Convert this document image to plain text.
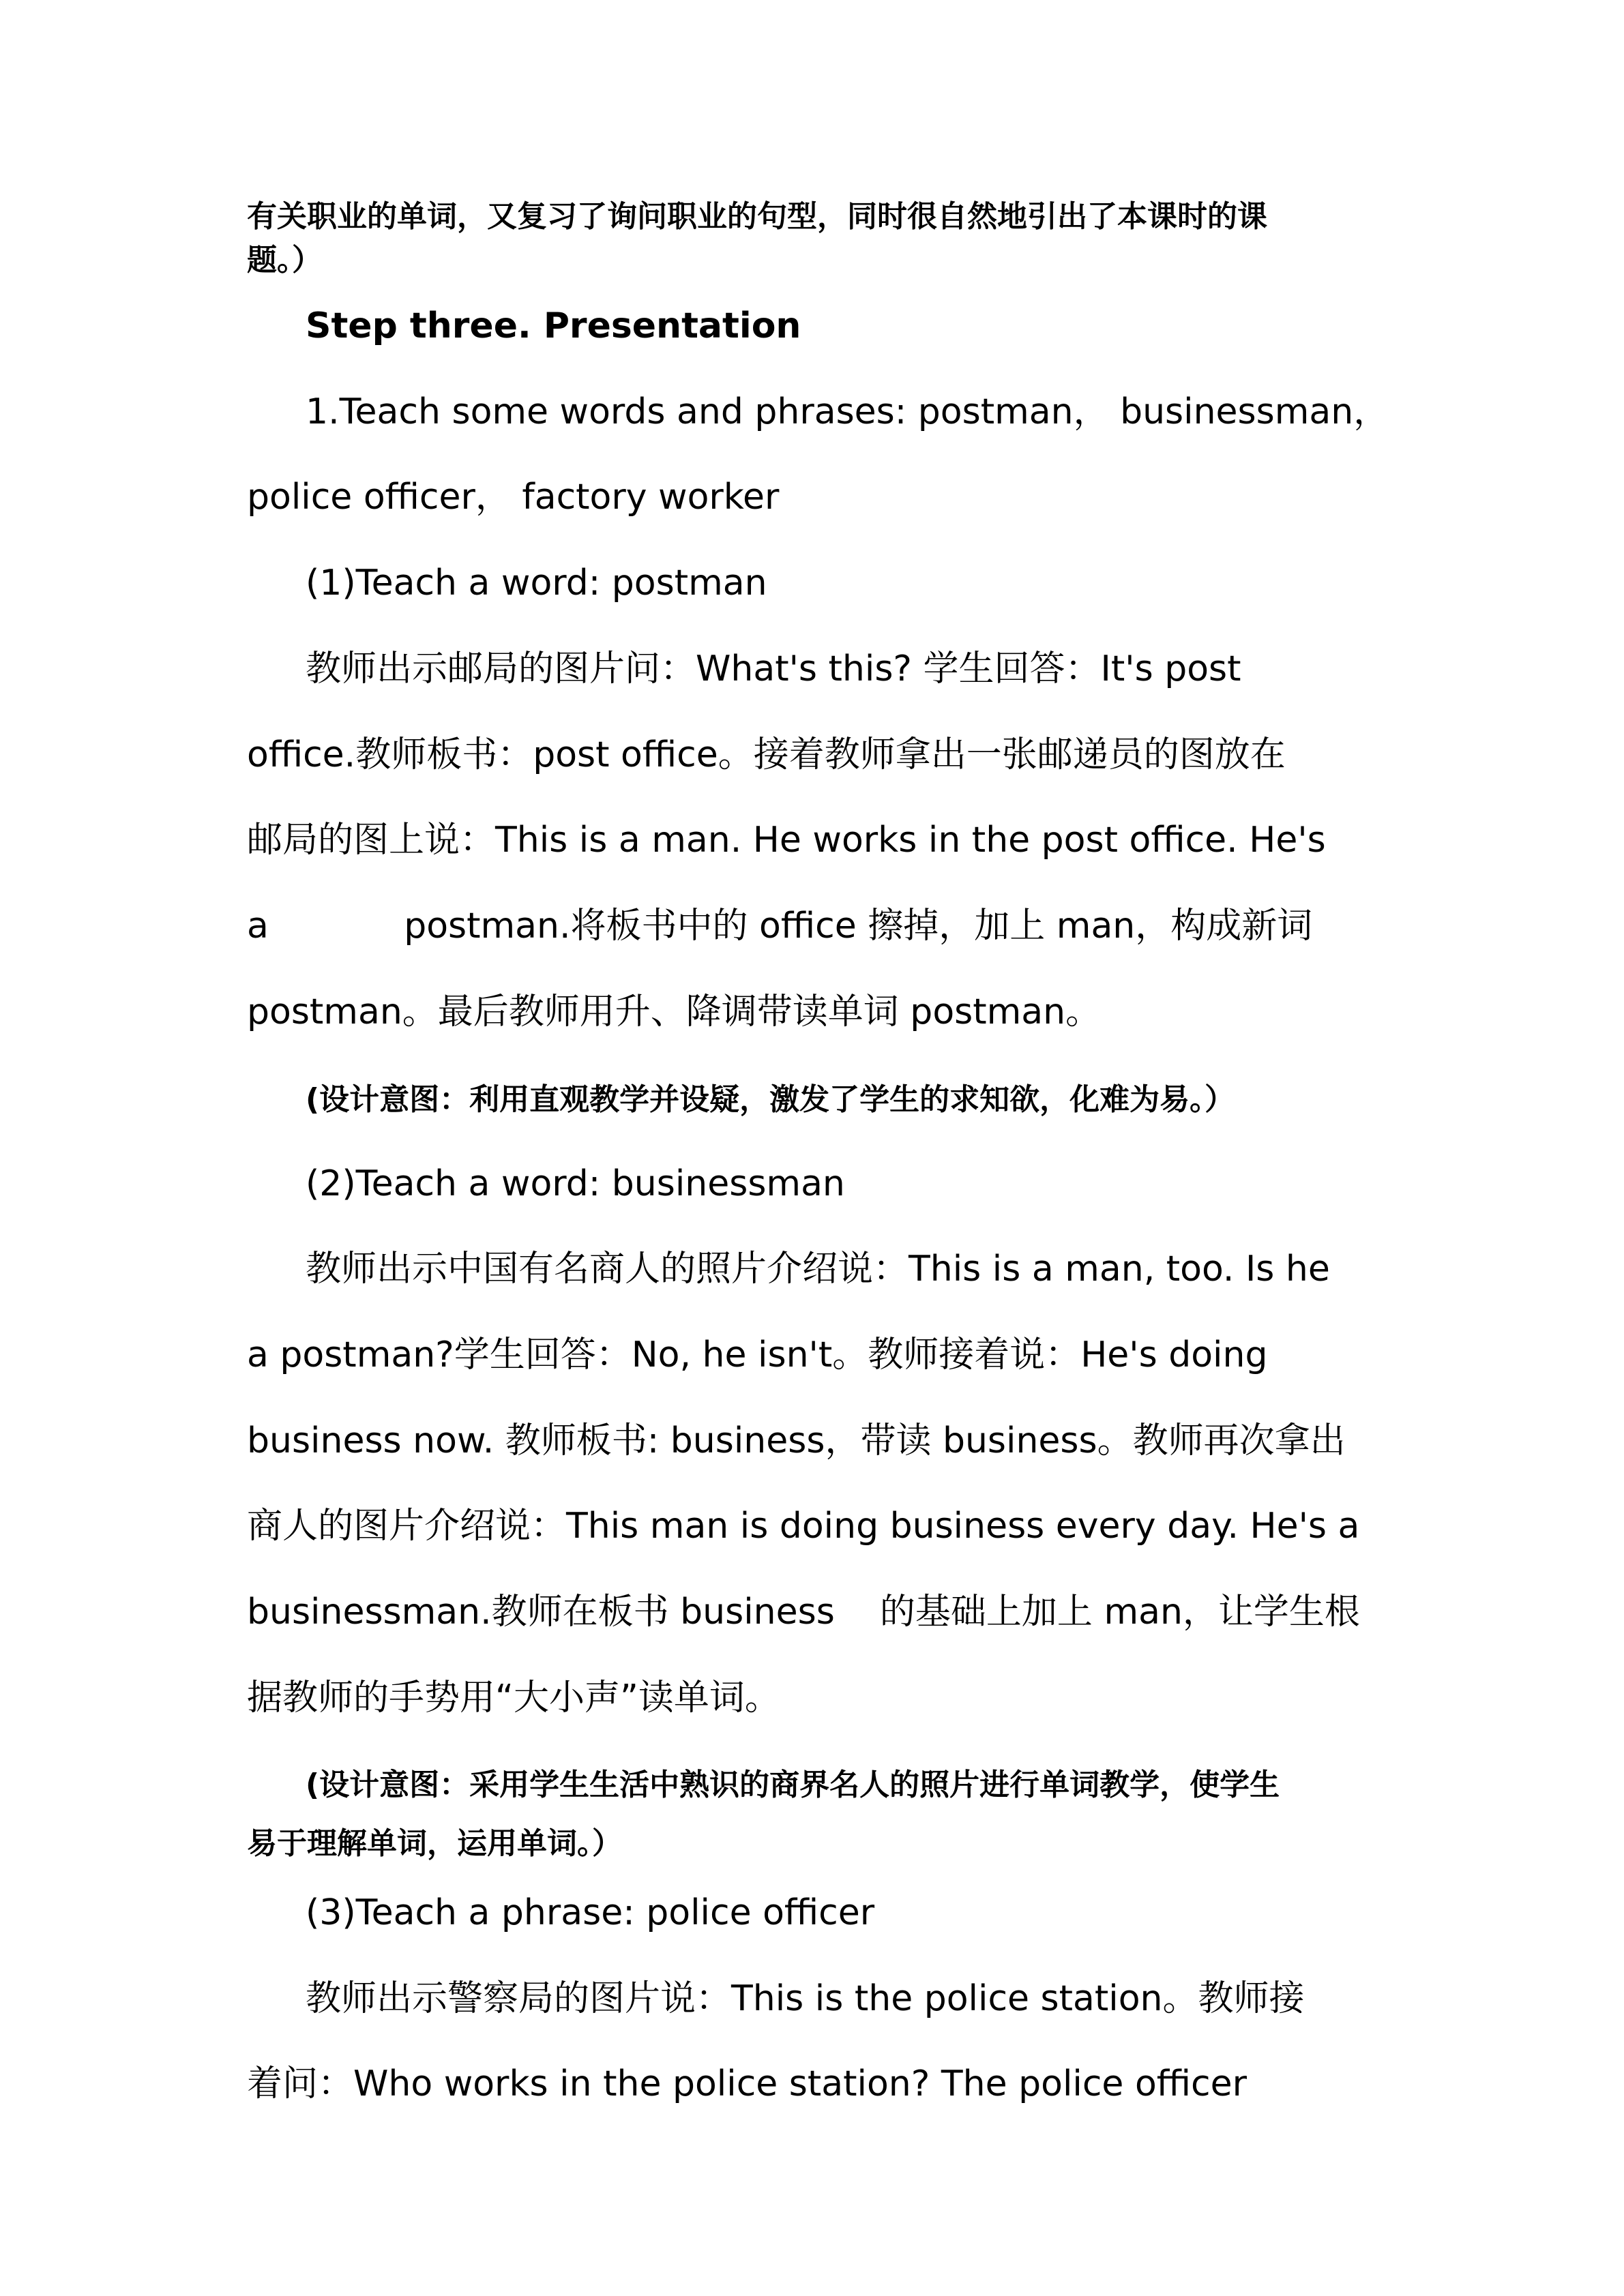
有关职业的单词，又复习了询问职业的句型，同时很自然地引出了本课时的课
题。）
Step three. Presentation
1.Teach some words and phrases: postman， businessman，
police officer， factory worker
(1)Teach a word: postman
教师出示邮局的图片问：What's this? 学生回答：It's post
office.教师板书：post office。接着教师拿出一张邮递员的图放在
邮局的图上说：This is a man. He works in the post office. He's
a            postman.将板书中的 office 擦掉，加上 man，构成新词
postman。最后教师用升、降调带读单词 postman。
(设计意图：利用直观教学并设疑，激发了学生的求知欲，化难为易。）
(2)Teach a word: businessman
教师出示中国有名商人的照片介绍说：This is a man, too. Is he
a postman?学生回答：No, he isn't。教师接着说：He's doing
business now. 教师板书: business，带读 business。教师再次拿出
商人的图片介绍说：This man is doing business every day. He's a
businessman.教师在板书 business    的基础上加上 man，让学生根
据教师的手势用“大小声”读单词。
(设计意图：采用学生生活中熟识的商界名人的照片进行单词教学，使学生
易于理解单词，运用单词。）
(3)Teach a phrase: police officer
教师出示警察局的图片说：This is the police station。教师接
着问：Who works in the police station? The police officer
